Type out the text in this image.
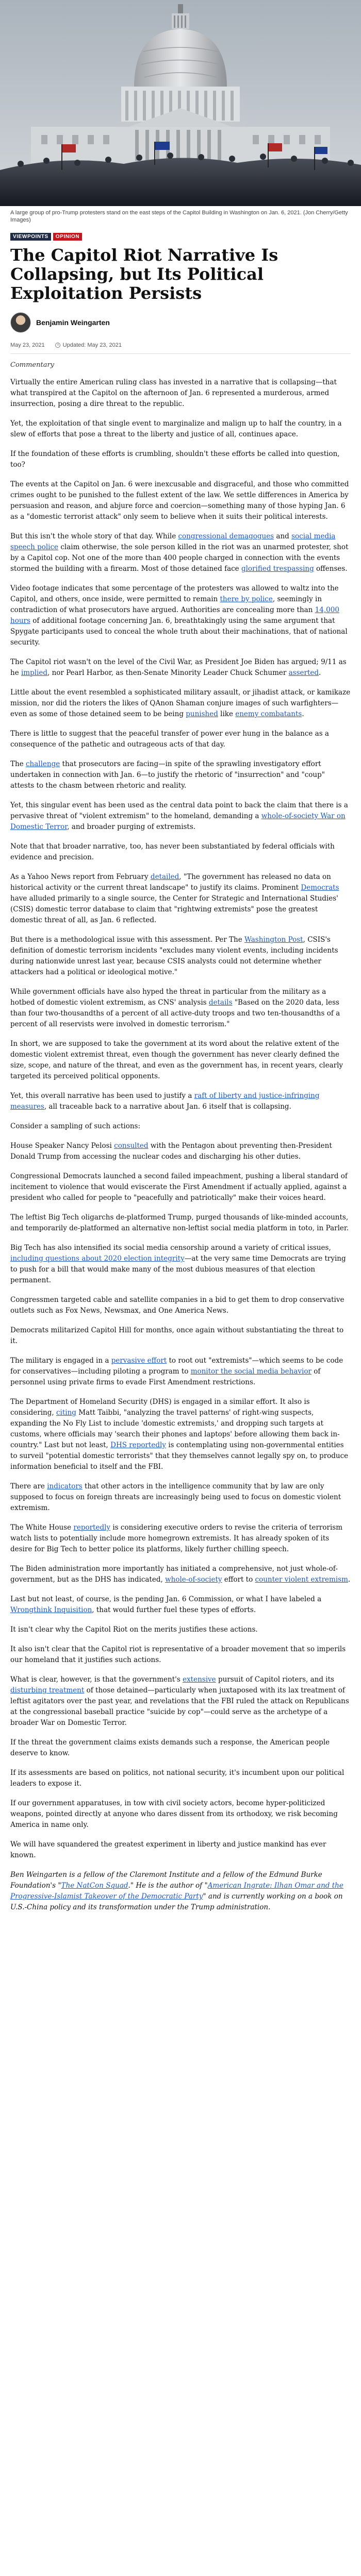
A large group of pro-Trump protesters stand on the east steps of the Capitol Building in Washington on Jan. 6, 2021. (Jon Cherry/Getty Images)

VIEWPOINTS	OPINION
The Capitol Riot Narrative Is Collapsing, but Its Political Exploitation Persists
Benjamin Weingarten
May 23, 2021	Updated: May 23, 2021
Commentary

Virtually the entire American ruling class has invested in a narrative that is collapsing—that what transpired at the Capitol on the afternoon of Jan. 6 represented a murderous, armed insurrection, posing a dire threat to the republic.

Yet, the exploitation of that single event to marginalize and malign up to half the country, in a slew of efforts that pose a threat to the liberty and justice of all, continues apace.

If the foundation of these efforts is crumbling, shouldn't these efforts be called into question, too?

The events at the Capitol on Jan. 6 were inexcusable and disgraceful, and those who committed crimes ought to be punished to the fullest extent of the law. We settle differences in America by persuasion and reason, and abjure force and coercion—something many of those hyping Jan. 6 as a "domestic terrorist attack" only seem to believe when it suits their political interests.

But this isn't the whole story of that day. While congressional demagogues and social media speech police claim otherwise, the sole person killed in the riot was an unarmed protester, shot by a Capitol cop. Not one of the more than 400 people charged in connection with the events stormed the building with a firearm. Most of those detained face glorified trespassing offenses.

Video footage indicates that some percentage of the protesters was allowed to waltz into the Capitol, and others, once inside, were permitted to remain there by police, seemingly in contradiction of what prosecutors have argued. Authorities are concealing more than 14,000 hours of additional footage concerning Jan. 6, breathtakingly using the same argument that Spygate participants used to conceal the whole truth about their machinations, that of national security.

The Capitol riot wasn't on the level of the Civil War, as President Joe Biden has argued; 9/11 as he implied, nor Pearl Harbor, as then-Senate Minority Leader Chuck Schumer asserted.

Little about the event resembled a sophisticated military assault, or jihadist attack, or kamikaze mission, nor did the rioters the likes of QAnon Shaman conjure images of such warfighters—even as some of those detained seem to be being punished like enemy combatants.

There is little to suggest that the peaceful transfer of power ever hung in the balance as a consequence of the pathetic and outrageous acts of that day.

The challenge that prosecutors are facing—in spite of the sprawling investigatory effort undertaken in connection with Jan. 6—to justify the rhetoric of "insurrection" and "coup" attests to the chasm between rhetoric and reality.

Yet, this singular event has been used as the central data point to back the claim that there is a pervasive threat of "violent extremism" to the homeland, demanding a whole-of-society War on Domestic Terror, and broader purging of extremists.

Note that that broader narrative, too, has never been substantiated by federal officials with evidence and precision.

As a Yahoo News report from February detailed, "The government has released no data on historical activity or the current threat landscape" to justify its claims. Prominent Democrats have alluded primarily to a single source, the Center for Strategic and International Studies' (CSIS) domestic terror database to claim that "rightwing extremists" pose the greatest domestic threat of all, as Jan. 6 reflected.

But there is a methodological issue with this assessment. Per The Washington Post, CSIS's definition of domestic terrorism incidents "excludes many violent events, including incidents during nationwide unrest last year, because CSIS analysts could not determine whether attackers had a political or ideological motive."

While government officials have also hyped the threat in particular from the military as a hotbed of domestic violent extremism, as CNS' analysis details "Based on the 2020 data, less than four two-thousandths of a percent of all active-duty troops and two ten-thousandths of a percent of all reservists were involved in domestic terrorism."

In short, we are supposed to take the government at its word about the relative extent of the domestic violent extremist threat, even though the government has never clearly defined the size, scope, and nature of the threat, and even as the government has, in recent years, clearly targeted its perceived political opponents.

Yet, this overall narrative has been used to justify a raft of liberty and justice-infringing measures, all traceable back to a narrative about Jan. 6 itself that is collapsing.

Consider a sampling of such actions:

House Speaker Nancy Pelosi consulted with the Pentagon about preventing then-President Donald Trump from accessing the nuclear codes and discharging his other duties.

Congressional Democrats launched a second failed impeachment, pushing a liberal standard of incitement to violence that would eviscerate the First Amendment if actually applied, against a president who called for people to "peacefully and patriotically" make their voices heard.

The leftist Big Tech oligarchs de-platformed Trump, purged thousands of like-minded accounts, and temporarily de-platformed an alternative non-leftist social media platform in toto, in Parler.

Big Tech has also intensified its social media censorship around a variety of critical issues, including questions about 2020 election integrity—at the very same time Democrats are trying to push for a bill that would make many of the most dubious measures of that election permanent.

Congressmen targeted cable and satellite companies in a bid to get them to drop conservative outlets such as Fox News, Newsmax, and One America News.

Democrats militarized Capitol Hill for months, once again without substantiating the threat to it.

The military is engaged in a pervasive effort to root out "extremists"—which seems to be code for conservatives—including piloting a program to monitor the social media behavior of personnel using private firms to evade First Amendment restrictions.

The Department of Homeland Security (DHS) is engaged in a similar effort. It also is considering, citing Matt Taibbi, "analyzing the travel patterns' of right-wing suspects, expanding the No Fly List to include 'domestic extremists,' and dropping such targets at customs, where officials may 'search their phones and laptops' before allowing them back in-country." Last but not least, DHS reportedly is contemplating using non-governmental entities to surveil "potential domestic terrorists" that they themselves cannot legally spy on, to produce information beneficial to itself and the FBI.

There are indicators that other actors in the intelligence community that by law are only supposed to focus on foreign threats are increasingly being used to focus on domestic violent extremism.

The White House reportedly is considering executive orders to revise the criteria of terrorism watch lists to potentially include more homegrown extremists. It has already spoken of its desire for Big Tech to better police its platforms, likely further chilling speech.

The Biden administration more importantly has initiated a comprehensive, not just whole-of-government, but as the DHS has indicated, whole-of-society effort to counter violent extremism.

Last but not least, of course, is the pending Jan. 6 Commission, or what I have labeled a Wrongthink Inquisition, that would further fuel these types of efforts.

It isn't clear why the Capitol Riot on the merits justifies these actions.

It also isn't clear that the Capitol riot is representative of a broader movement that so imperils our homeland that it justifies such actions.

What is clear, however, is that the government's extensive pursuit of Capitol rioters, and its disturbing treatment of those detained—particularly when juxtaposed with its lax treatment of leftist agitators over the past year, and revelations that the FBI ruled the attack on Republicans at the congressional baseball practice "suicide by cop"—could serve as the archetype of a broader War on Domestic Terror.

If the threat the government claims exists demands such a response, the American people deserve to know.

If its assessments are based on politics, not national security, it's incumbent upon our political leaders to expose it.

If our government apparatuses, in tow with civil society actors, become hyper-politicized weapons, pointed directly at anyone who dares dissent from its orthodoxy, we risk becoming America in name only.

We will have squandered the greatest experiment in liberty and justice mankind has ever known.

Ben Weingarten is a fellow of the Claremont Institute and a fellow of the Edmund Burke Foundation's "The NatCon Squad." He is the author of "American Ingrate: Ilhan Omar and the Progressive-Islamist Takeover of the Democratic Party" and is currently working on a book on U.S.-China policy and its transformation under the Trump administration.
